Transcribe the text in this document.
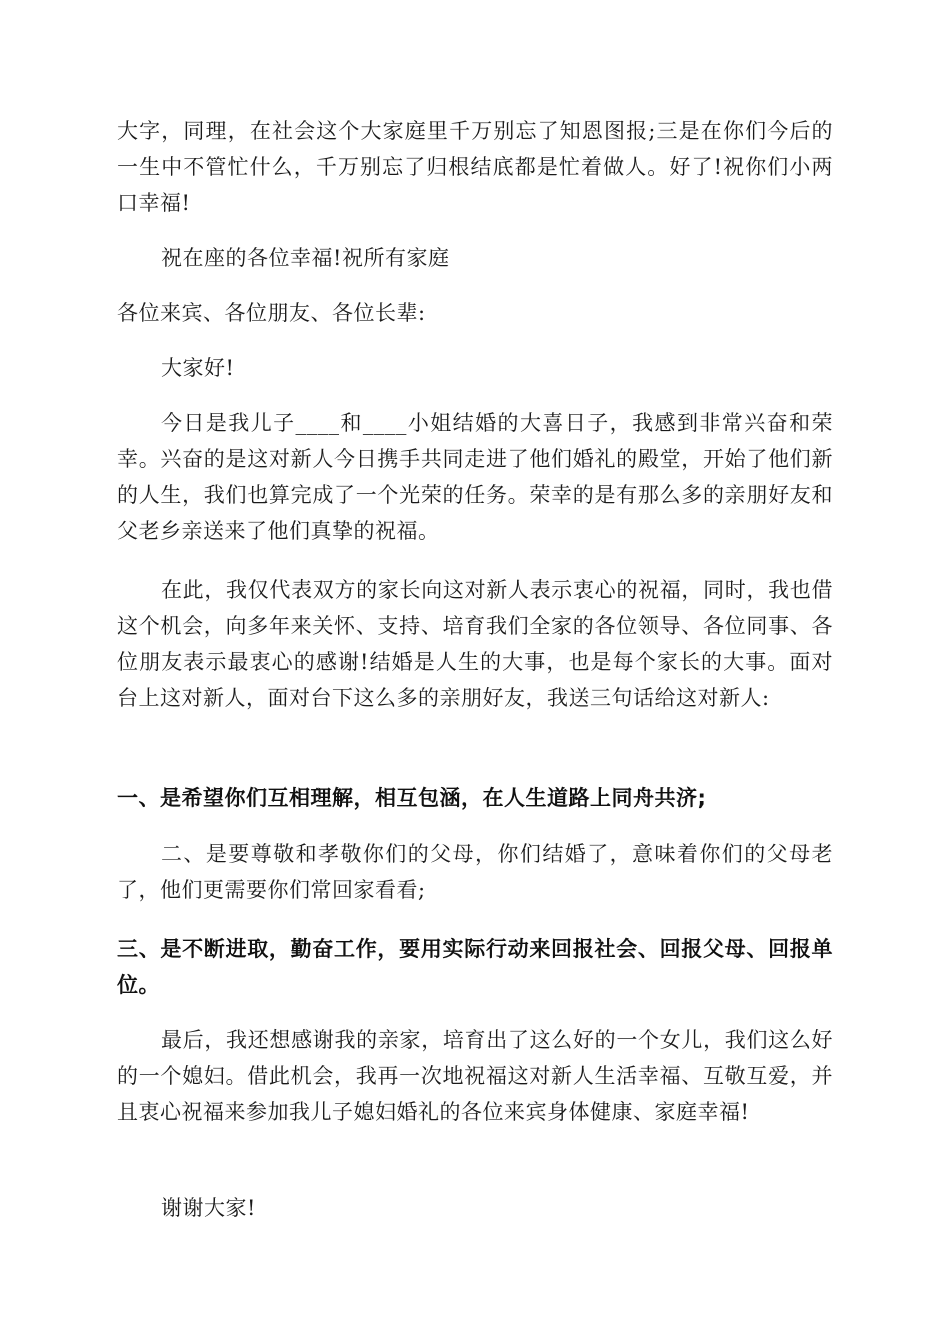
大字，同理，在社会这个大家庭里千万别忘了知恩图报;三是在你们今后的一生中不管忙什么，千万别忘了归根结底都是忙着做人。好了!祝你们小两口幸福!

祝在座的各位幸福!祝所有家庭

各位来宾、各位朋友、各位长辈:

大家好!

今日是我儿子____和____小姐结婚的大喜日子，我感到非常兴奋和荣幸。兴奋的是这对新人今日携手共同走进了他们婚礼的殿堂，开始了他们新的人生，我们也算完成了一个光荣的任务。荣幸的是有那么多的亲朋好友和父老乡亲送来了他们真挚的祝福。

在此，我仅代表双方的家长向这对新人表示衷心的祝福，同时，我也借这个机会，向多年来关怀、支持、培育我们全家的各位领导、各位同事、各位朋友表示最衷心的感谢!结婚是人生的大事，也是每个家长的大事。面对台上这对新人，面对台下这么多的亲朋好友，我送三句话给这对新人:

一、是希望你们互相理解，相互包涵，在人生道路上同舟共济;

二、是要尊敬和孝敬你们的父母，你们结婚了，意味着你们的父母老了，他们更需要你们常回家看看;

三、是不断进取，勤奋工作，要用实际行动来回报社会、回报父母、回报单位。

最后，我还想感谢我的亲家，培育出了这么好的一个女儿，我们这么好的一个媳妇。借此机会，我再一次地祝福这对新人生活幸福、互敬互爱，并且衷心祝福来参加我儿子媳妇婚礼的各位来宾身体健康、家庭幸福!

谢谢大家!
